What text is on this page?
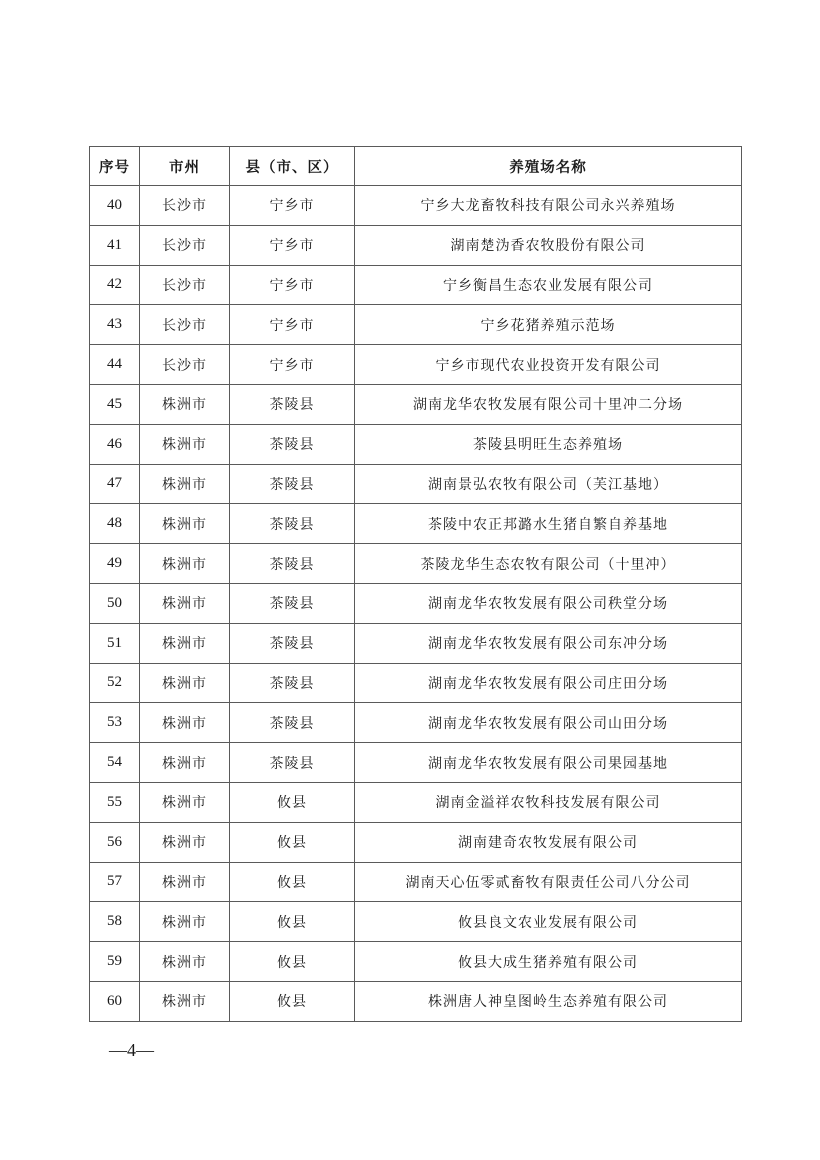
序号	市州	县（市、区）	养殖场名称
40	长沙市	宁乡市	宁乡大龙畜牧科技有限公司永兴养殖场
41	长沙市	宁乡市	湖南楚沩香农牧股份有限公司
42	长沙市	宁乡市	宁乡衡昌生态农业发展有限公司
43	长沙市	宁乡市	宁乡花猪养殖示范场
44	长沙市	宁乡市	宁乡市现代农业投资开发有限公司
45	株洲市	茶陵县	湖南龙华农牧发展有限公司十里冲二分场
46	株洲市	茶陵县	茶陵县明旺生态养殖场
47	株洲市	茶陵县	湖南景弘农牧有限公司（芙江基地）
48	株洲市	茶陵县	茶陵中农正邦潞水生猪自繁自养基地
49	株洲市	茶陵县	茶陵龙华生态农牧有限公司（十里冲）
50	株洲市	茶陵县	湖南龙华农牧发展有限公司秩堂分场
51	株洲市	茶陵县	湖南龙华农牧发展有限公司东冲分场
52	株洲市	茶陵县	湖南龙华农牧发展有限公司庄田分场
53	株洲市	茶陵县	湖南龙华农牧发展有限公司山田分场
54	株洲市	茶陵县	湖南龙华农牧发展有限公司果园基地
55	株洲市	攸县	湖南金溢祥农牧科技发展有限公司
56	株洲市	攸县	湖南建奇农牧发展有限公司
57	株洲市	攸县	湖南天心伍零贰畜牧有限责任公司八分公司
58	株洲市	攸县	攸县良文农业发展有限公司
59	株洲市	攸县	攸县大成生猪养殖有限公司
60	株洲市	攸县	株洲唐人神皇图岭生态养殖有限公司
—4—
